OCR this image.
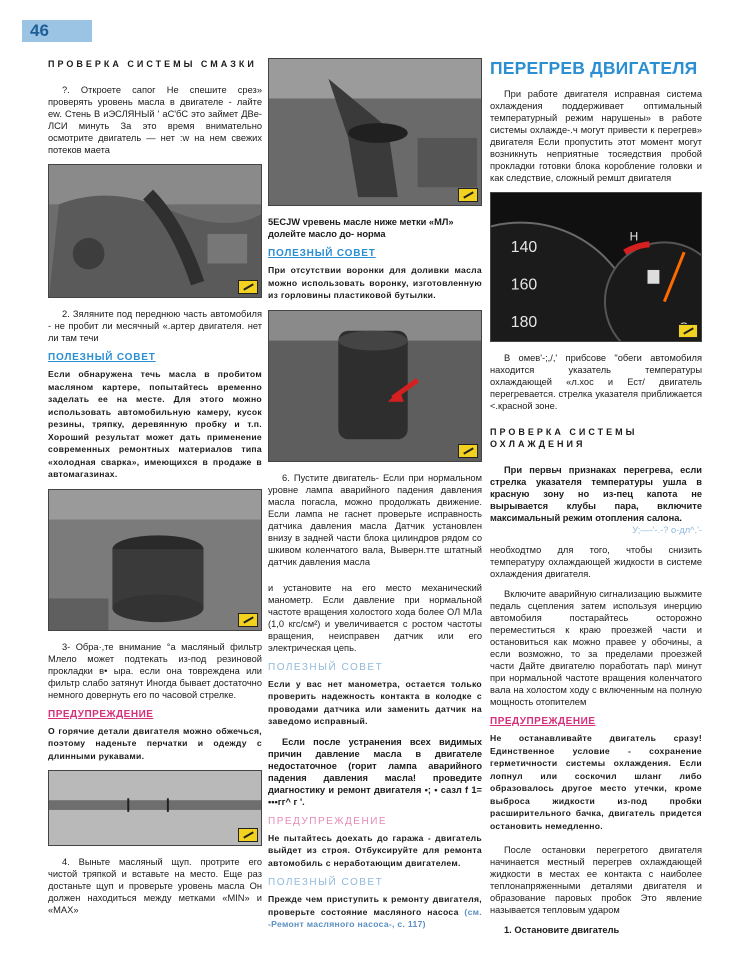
46
ПРОВЕРКА СИСТЕМЫ СМАЗКИ
?. Откроете сапог Не спешите срез» проверять уровень масла в двигателе - лайте ew. Стень В иЭСЛЯНЫй ' аС'бС это займет ДВе-ЛСИ минуть За это время внимательно осмотрите двигатель — нет :w на нем свежих потеков маета
2. Зяляните под переднюю часть автомобиля - не пробит ли месячный «.артер двигателя. нет ли там течи
ПОЛЕЗНЫЙ СОВЕТ
Если обнаружена течь масла в пробитом масляном картере, попытайтесь временно заделать ее на месте. Для этого можно использовать автомобильную камеру, кусок резины, тряпку, деревянную пробку и т.п. Хороший результат может дать применение современных ремонтных материалов типа «холодная сварка», имеющихся в продаже в автомагазинах.
3- Обра·,те внимание °а масляный фильтр Млело может подтекать из-под резиновой прокладки в• ыра. если она товреждена или фильтр слабо затянут Иногда бывает достаточно немного довернуть его по часовой стрелке.
ПРЕДУПРЕЖДЕНИЕ
О горячие детали двигателя можно обжечься, поэтому наденьте перчатки и одежду с длинными рукавами.
4. Выньте масляный щуп. протрите его чистой тряпкой и вставьте на место. Еще раз достаньте щуп и проверьте уровень масла Он должен находиться между метками «MIN» и «MAX»
5ECJW vревень масле ниже метки «МЛ» долейте масло до- норма
ПОЛЕЗНЫЙ СОВЕТ
При отсутствии воронки для доливки масла можно использовать воронку, изготовленную из горловины пластиковой бутылки.
6. Пустите двигатель- Если при нормальном уровне лампа аварийного падения давления масла погасла, можно продолжать движение. Если лампа не гаснет проверьте исправность датчика давления масла Датчик установлен внизу в задней части блока цилиндров рядом со шкивом коленчатого вала, Выверн.тте штатный датчик давления масла
и установите на его место механический манометр. Если давление при нормальной частоте вращения холостого хода более ОЛ МЛа (1,0 кгс/см²) и увеличивается с ростом частоты вращения, неисправен датчик или его электрическая цепь.
ПОЛЕЗНЫЙ СОВЕТ
Если у вас нет манометра, остается только проверить надежность контакта в колодке с проводами датчика или заменить датчик на заведомо исправный.
Если после устранения всех видимых причин давление масла в двигателе недостаточное (горит лампа аварийного падения давления масла! проведите диагностику и ремонт двигателя •; • сазл f 1= •••гг^ г '.
ПРЕДУПРЕЖДЕНИЕ
Не пытайтесь доехать до гаража - двигатель выйдет из строя. Отбуксируйте для ремонта автомобиль с неработающим двигателем.
ПОЛЕЗНЫЙ СОВЕТ
Прежде чем приступить к ремонту двигателя, проверьте состояние масляного насоса (см. -Ремонт масляного насоса-, с. 117)
ПЕРЕГРЕВ ДВИГАТЕЛЯ
При работе двигателя исправная система охлаждения поддерживает оптимальный температурный режим нарушены» в работе системы охлажде-.ч могут привести к перегрев» двигателя Если пропустить этот момент могут возникнуть неприятные тосяедствия пробой прокладки готовки блока коробление головки и как следствие, сложный ремшт двигателя
140
160
180
H
В омев'-;,/,' прибсове "обеги автомобиля находится указатель температуры охлаждающей «л.хос и Ест/ двигатель перегревается. стрелка указателя приближается <.красной зоне.
ПРОВЕРКА СИСТЕМЫ ОХЛАЖДЕНИЯ
При первьч признаках перегрева, если стрелка указателя температуры ушла в красную зону но из-пец капота не вырывается клубы пара, включите максимальный режим отопления салона.
У;—-'-.-? о-дл^,'-
необходтмо для того, чтобы снизить температуру охлаждающей жидкости в системе охлаждения двигателя.
Включите аварийную сигнализацию выжмите педаль сцепления затем используя инерцию автомобиля постарайтесь осторожно переместиться к краю проезжей части и остановиться как можно правее у обочины, а если возможно, то за пределами проезжей части Дайте двигателю поработать пар\ минут при нормальной частоте вращения коленчатого вала на холостом ходу с включенным на полную мощность отопителем
ПРЕДУПРЕЖДЕНИЕ
Не останавливайте двигатель сразу! Единственное условие - сохранение герметичности системы охлаждения. Если лопнул или соскочил шланг либо образовалось другое место утечки, кроме выброса жидкости из-под пробки расширительного бачка, двигатель придется остановить немедленно.
После остановки перегретого двигателя начинается местный перегрев охлаждающей жидкости в местах ее контакта с наиболее теплонапряженными деталями двигателя и образование паровых пробок Это явление называется тепловым ударом
1. Остановите двигатель
